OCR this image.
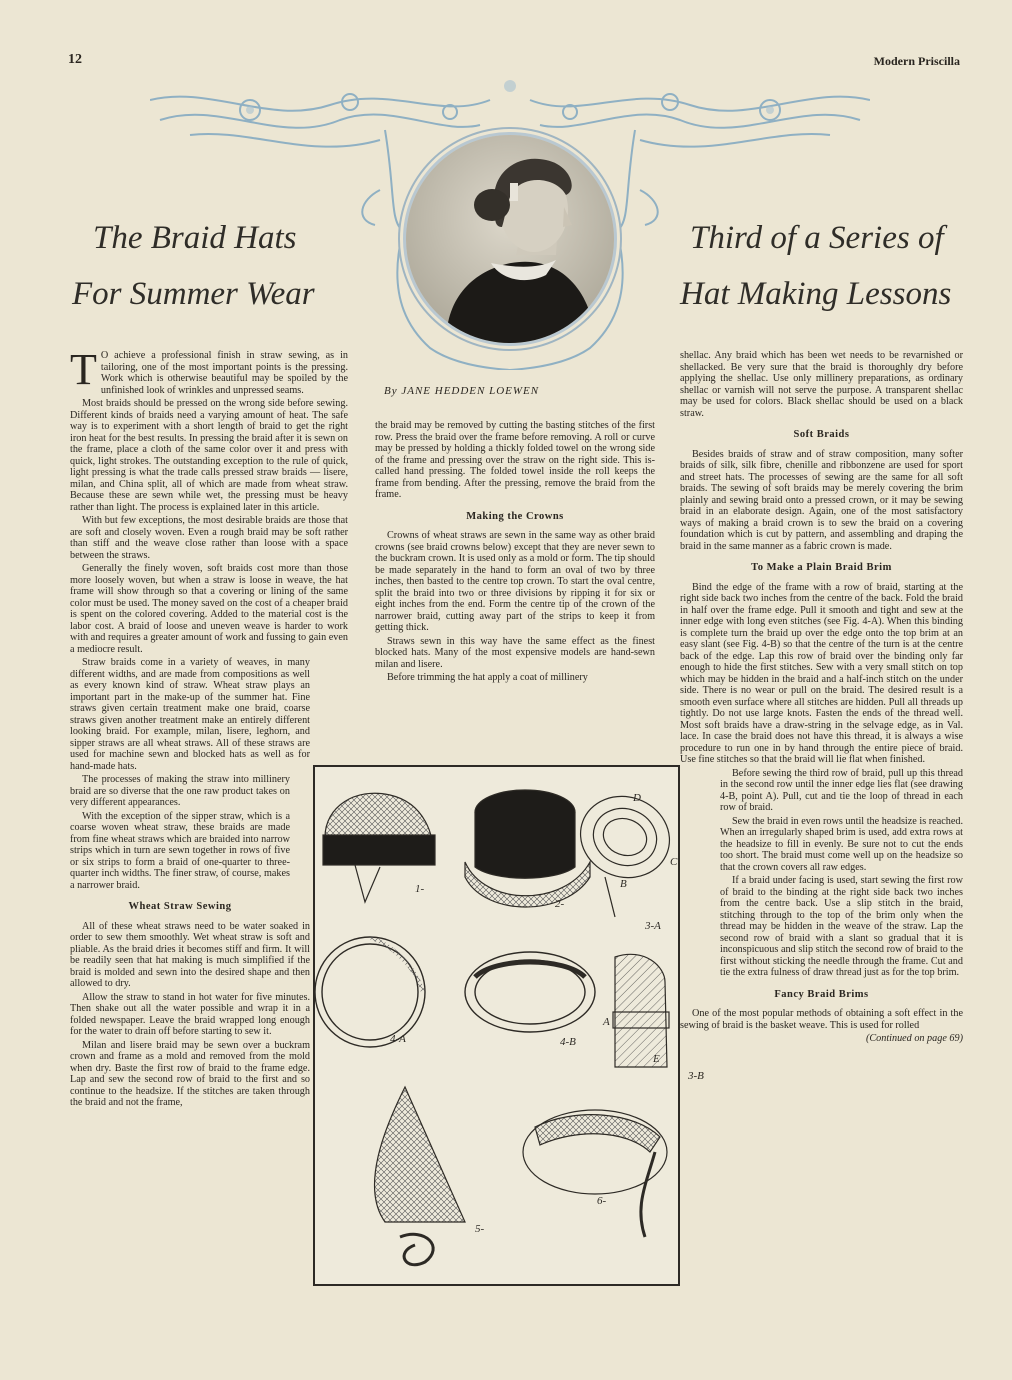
12	Modern Priscilla
The Braid Hats
For Summer Wear
Third of a Series of
Hat Making Lessons
By JANE HEDDEN LOEWEN

T O achieve a professional finish in straw sewing, as in tailoring, one of the most important points is the pressing. Work which is otherwise beautiful may be spoiled by the unfinished look of wrinkles and unpressed seams.

Most braids should be pressed on the wrong side before sewing. Different kinds of braids need a varying amount of heat. The safe way is to experiment with a short length of braid to get the right iron heat for the best results. In pressing the braid after it is sewn on the frame, place a cloth of the same color over it and press with quick, light strokes. The outstanding exception to the rule of quick, light pressing is what the trade calls pressed straw braids — lisere, milan, and China split, all of which are made from wheat straw. Because these are sewn while wet, the pressing must be heavy rather than light. The process is explained later in this article.

With but few exceptions, the most desirable braids are those that are soft and closely woven. Even a rough braid may be soft rather than stiff and the weave close rather than loose with a space between the straws.

Generally the finely woven, soft braids cost more than those more loosely woven, but when a straw is loose in weave, the hat frame will show through so that a covering or lining of the same color must be used. The money saved on the cost of a cheaper braid is spent on the colored covering. Added to the material cost is the labor cost. A braid of loose and uneven weave is harder to work with and requires a greater amount of work and fussing to gain even a mediocre result.

Straw braids come in a variety of weaves, in many different widths, and are made from compositions as well as every known kind of straw. Wheat straw plays an important part in the make-up of the summer hat. Fine straws given certain treatment make one braid, coarse straws given another treatment make an entirely different looking braid. For example, milan, lisere, leghorn, and sipper straws are all wheat straws. All of these straws are used for machine sewn and blocked hats as well as for hand-made hats.

The processes of making the straw into millinery braid are so diverse that the one raw product takes on very different appearances.

With the exception of the sipper straw, which is a coarse woven wheat straw, these braids are made from fine wheat straws which are braided into narrow strips which in turn are sewn together in rows of five or six strips to form a braid of one-quarter to three-quarter inch widths. The finer straw, of course, makes a narrower braid.

Wheat Straw Sewing

All of these wheat straws need to be water soaked in order to sew them smoothly. Wet wheat straw is soft and pliable. As the braid dries it becomes stiff and firm. It will be readily seen that hat making is much simplified if the braid is molded and sewn into the desired shape and then allowed to dry.

Allow the straw to stand in hot water for five minutes. Then shake out all the water possible and wrap it in a folded newspaper. Leave the braid wrapped long enough for the water to drain off before starting to sew it.

Milan and lisere braid may be sewn over a buckram crown and frame as a mold and removed from the mold when dry. Baste the first row of braid to the frame edge. Lap and sew the second row of braid to the first and so continue to the headsize. If the stitches are taken through the braid and not the frame,

the braid may be removed by cutting the basting stitches of the first row. Press the braid over the frame before removing. A roll or curve may be pressed by holding a thickly folded towel on the wrong side of the frame and pressing over the straw on the right side. This is-called hand pressing. The folded towel inside the roll keeps the frame from bending. After the pressing, remove the braid from the frame.

Making the Crowns

Crowns of wheat straws are sewn in the same way as other braid crowns (see braid crowns below) except that they are never sewn to the buckram crown. It is used only as a mold or form. The tip should be made separately in the hand to form an oval of two by three inches, then basted to the centre top crown. To start the oval centre, split the braid into two or three divisions by ripping it for six or eight inches from the end. Form the centre tip of the crown of the narrower braid, cutting away part of the strips to keep it from getting thick.

Straws sewn in this way have the same effect as the finest blocked hats. Many of the most expensive models are hand-sewn milan and lisere.

Before trimming the hat apply a coat of millinery

shellac. Any braid which has been wet needs to be revarnished or shellacked. Be very sure that the braid is thoroughly dry before applying the shellac. Use only millinery preparations, as ordinary shellac or varnish will not serve the purpose. A transparent shellac may be used for colors. Black shellac should be used on a black straw.

Soft Braids

Besides braids of straw and of straw composition, many softer braids of silk, silk fibre, chenille and ribbonzene are used for sport and street hats. The processes of sewing are the same for all soft braids. The sewing of soft braids may be merely covering the brim plainly and sewing braid onto a pressed crown, or it may be sewing braid in an elaborate design. Again, one of the most satisfactory ways of making a braid crown is to sew the braid on a covering foundation which is cut by pattern, and assembling and draping the braid in the same manner as a fabric crown is made.

To Make a Plain Braid Brim

Bind the edge of the frame with a row of braid, starting at the right side back two inches from the centre of the back. Fold the braid in half over the frame edge. Pull it smooth and tight and sew at the inner edge with long even stitches (see Fig. 4-A). When this binding is complete turn the braid up over the edge onto the top brim at an easy slant (see Fig. 4-B) so that the centre of the turn is at the centre back of the edge. Lap this row of braid over the binding only far enough to hide the first stitches. Sew with a very small stitch on top which may be hidden in the braid and a half-inch stitch on the under side. There is no wear or pull on the braid. The desired result is a smooth even surface where all stitches are hidden. Pull all threads up tightly. Do not use large knots. Fasten the ends of the thread well. Most soft braids have a draw-string in the selvage edge, as in Val. lace. In case the braid does not have this thread, it is always a wise procedure to run one in by hand through the entire piece of braid. Use fine stitches so that the braid will lie flat when finished.

Before sewing the third row of braid, pull up this thread in the second row until the inner edge lies flat (see drawing 4-B, point A). Pull, cut and tie the loop of thread in each row of braid.

Sew the braid in even rows until the headsize is reached. When an irregularly shaped brim is used, add extra rows at the headsize to fill in evenly. Be sure not to cut the ends too short. The braid must come well up on the headsize so that the crown covers all raw edges.

If a braid under facing is used, start sewing the first row of braid to the binding at the right side back two inches from the centre back. Use a slip stitch in the braid, stitching through to the top of the brim only when the thread may be hidden in the weave of the straw. Lap the second row of braid with a slant so gradual that it is inconspicuous and slip stitch the second row of braid to the first without sticking the needle through the frame. Cut and tie the extra fulness of draw thread just as for the top brim.

Fancy Braid Brims

One of the most popular methods of obtaining a soft effect in the sewing of braid is the basket weave. This is used for rolled

(Continued on page 69)
1-
2-
3-A
4-A	4-B
5-
6-
A
B
C
D
E
3-B
